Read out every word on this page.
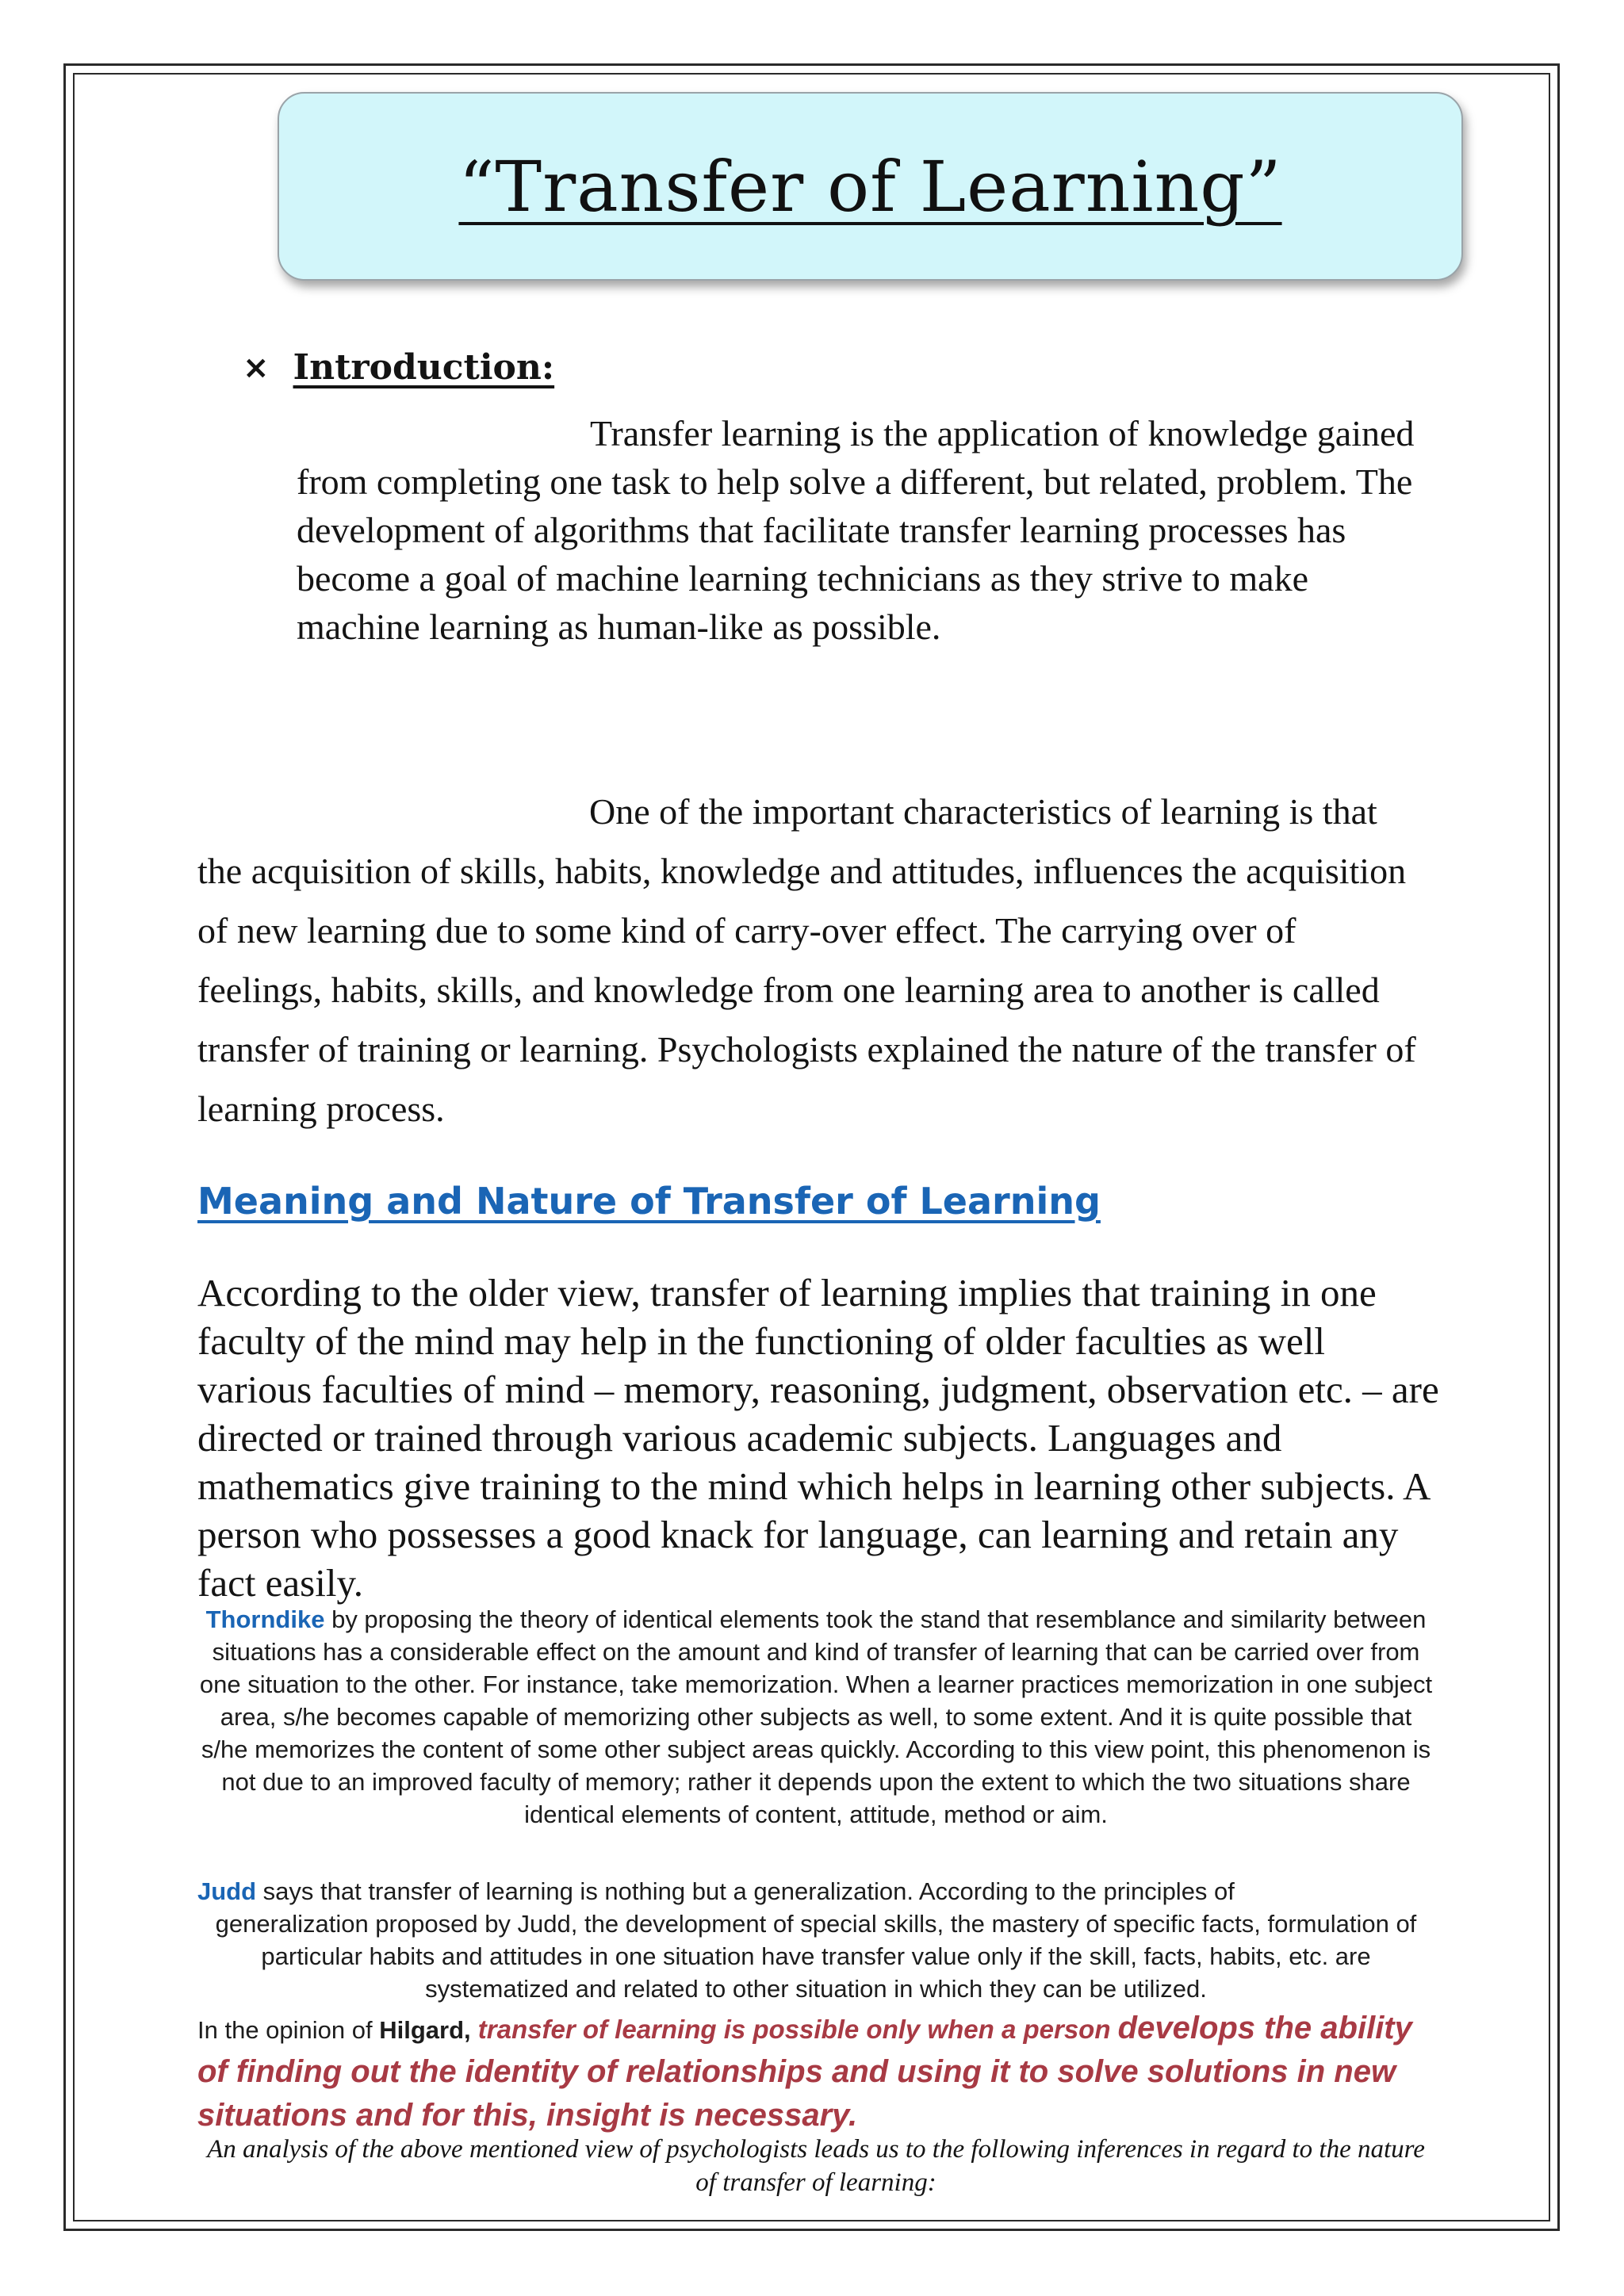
“Transfer of Learning”
× Introduction:
Transfer learning is the application of knowledge gained from completing one task to help solve a different, but related, problem. The development of algorithms that facilitate transfer learning processes has become a goal of machine learning technicians as they strive to make machine learning as human-like as possible.
One of the important characteristics of learning is that the acquisition of skills, habits, knowledge and attitudes, influences the acquisition of new learning due to some kind of carry-over effect. The carrying over of feelings, habits, skills, and knowledge from one learning area to another is called transfer of training or learning. Psychologists explained the nature of the transfer of learning process.
Meaning and Nature of Transfer of Learning
According to the older view, transfer of learning implies that training in one faculty of the mind may help in the functioning of older faculties as well various faculties of mind – memory, reasoning, judgment, observation etc. – are directed or trained through various academic subjects. Languages and mathematics give training to the mind which helps in learning other subjects. A person who possesses a good knack for language, can learning and retain any fact easily.
Thorndike by proposing the theory of identical elements took the stand that resemblance and similarity between situations has a considerable effect on the amount and kind of transfer of learning that can be carried over from one situation to the other. For instance, take memorization. When a learner practices memorization in one subject area, s/he becomes capable of memorizing other subjects as well, to some extent. And it is quite possible that s/he memorizes the content of some other subject areas quickly. According to this view point, this phenomenon is not due to an improved faculty of memory; rather it depends upon the extent to which the two situations share identical elements of content, attitude, method or aim.
Judd says that transfer of learning is nothing but a generalization. According to the principles of
generalization proposed by Judd, the development of special skills, the mastery of specific facts, formulation of particular habits and attitudes in one situation have transfer value only if the skill, facts, habits, etc. are systematized and related to other situation in which they can be utilized.
In the opinion of Hilgard, transfer of learning is possible only when a person develops the ability of finding out the identity of relationships and using it to solve solutions in new situations and for this, insight is necessary.
An analysis of the above mentioned view of psychologists leads us to the following inferences in regard to the nature of transfer of learning:
